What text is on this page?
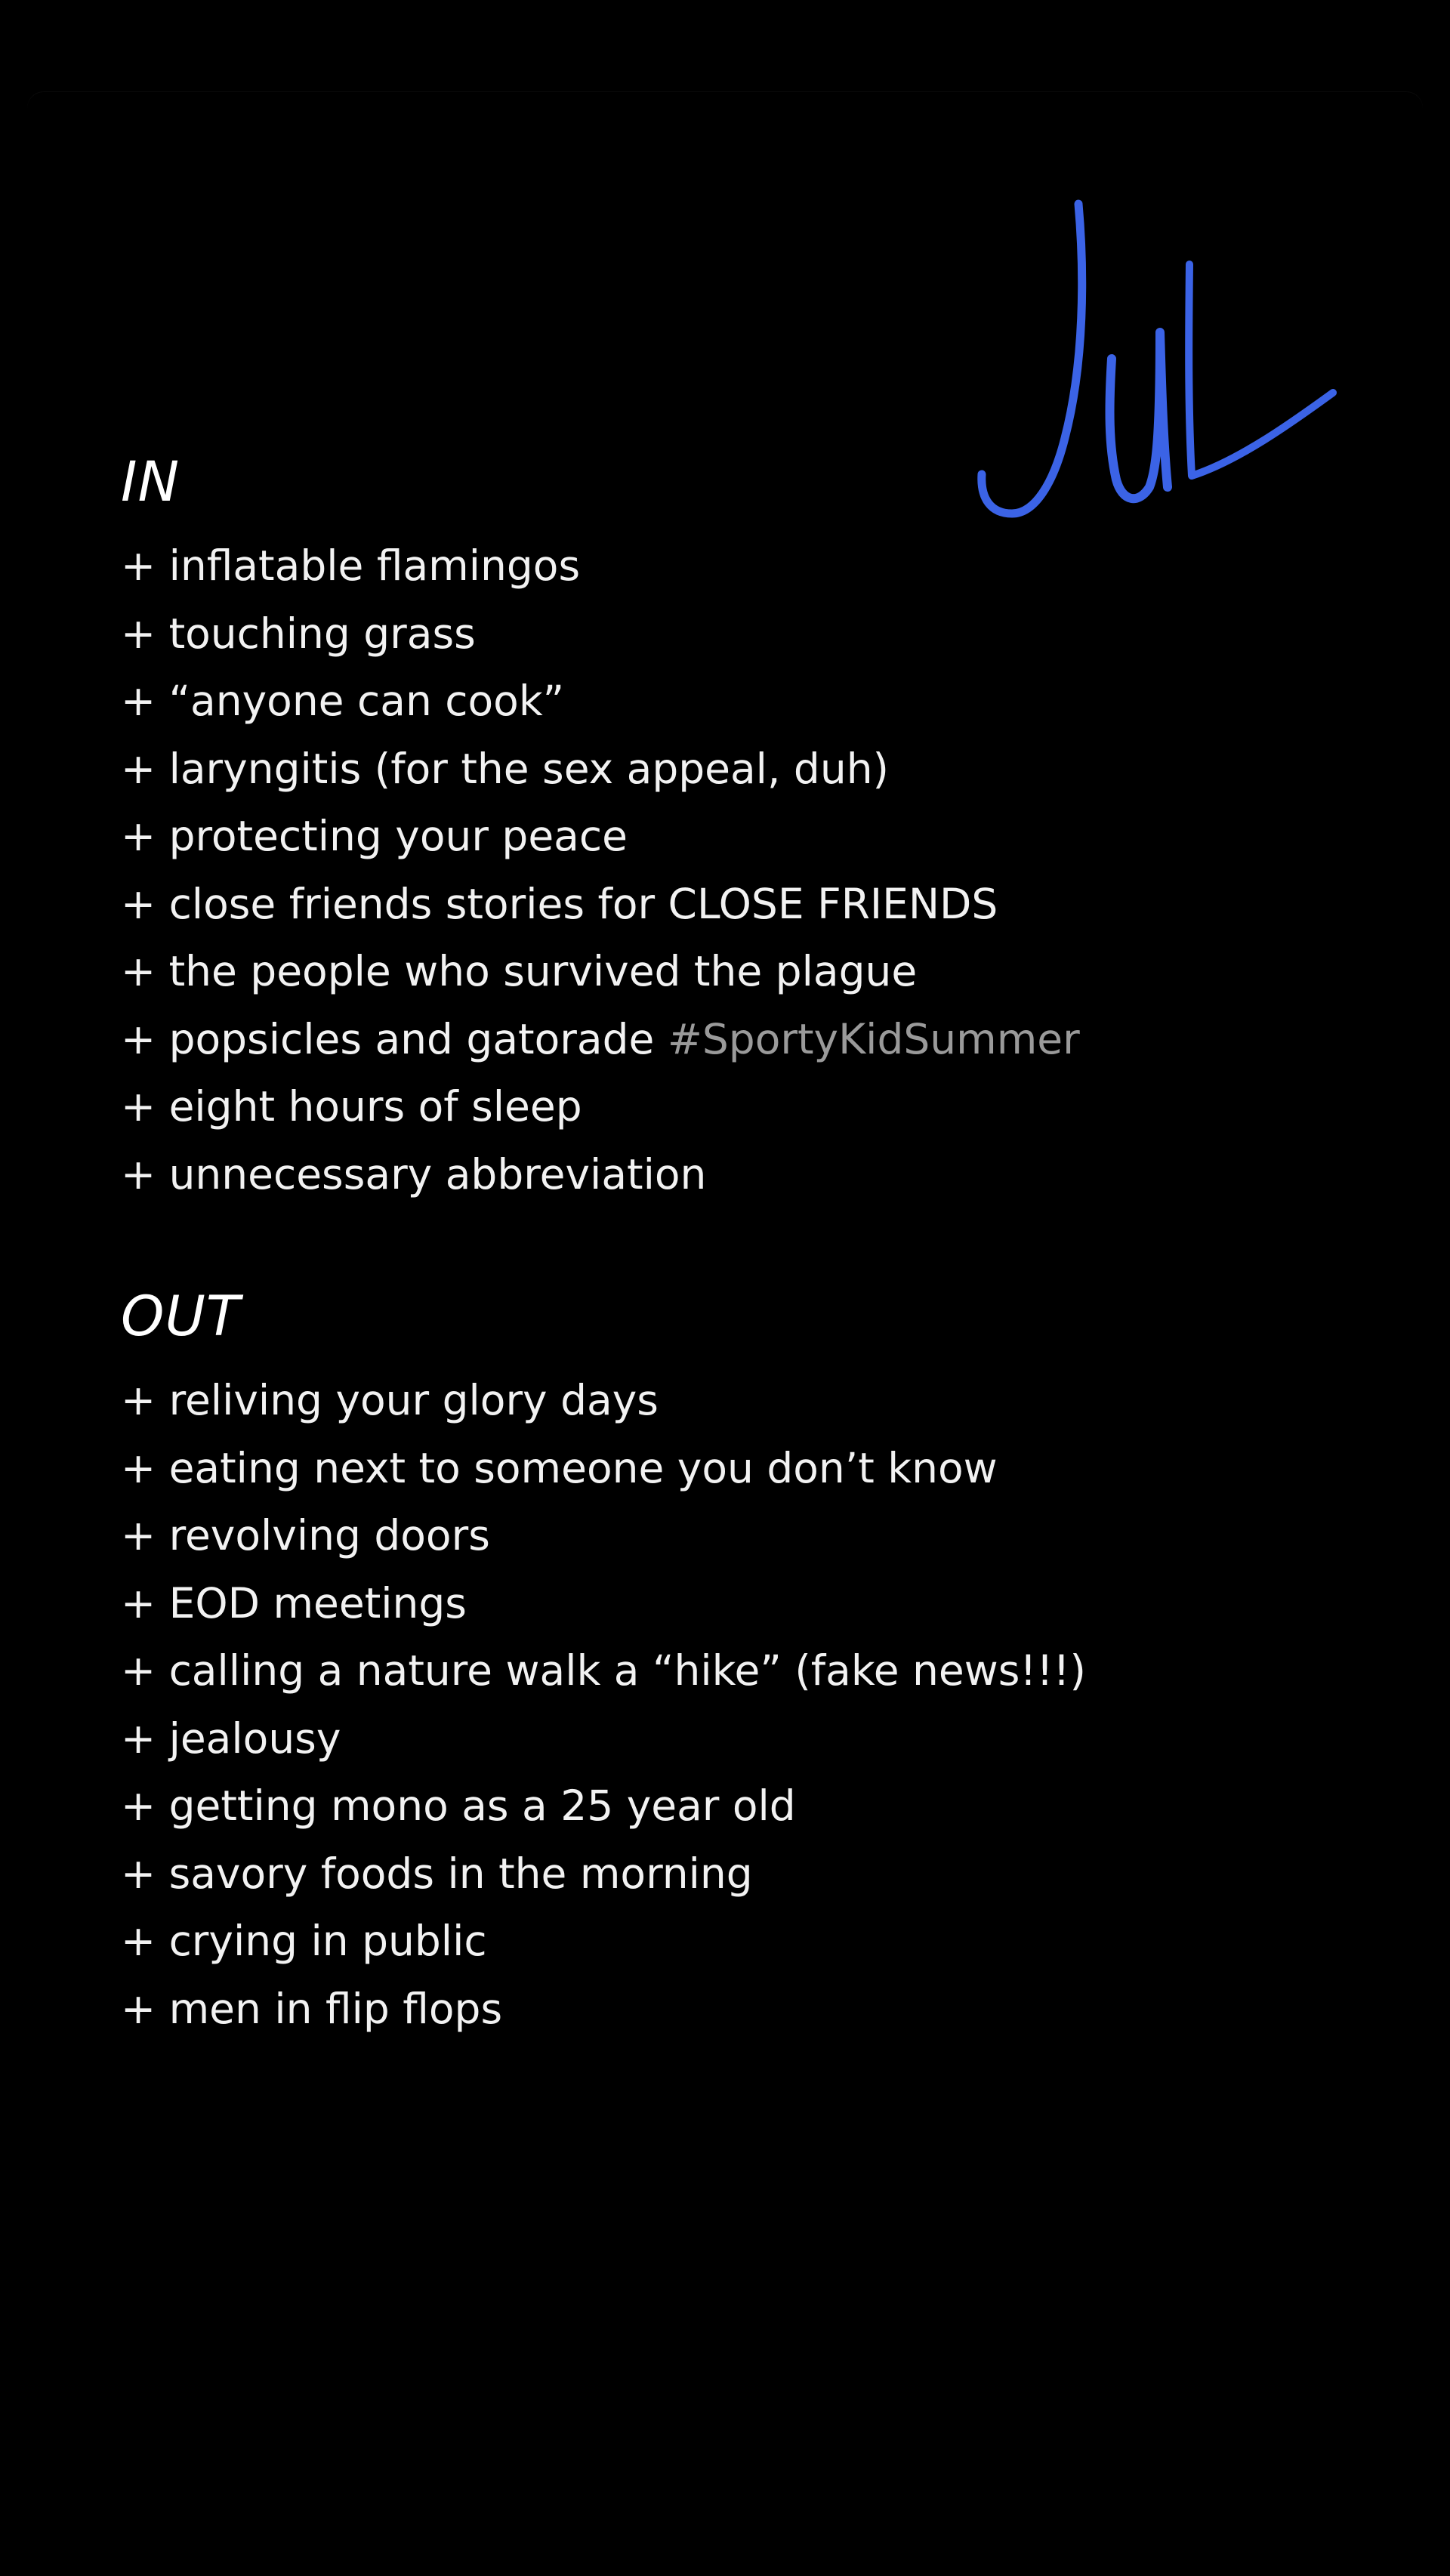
IN
+ inflatable flamingos
+ touching grass
+ “anyone can cook”
+ laryngitis (for the sex appeal, duh)
+ protecting your peace
+ close friends stories for CLOSE FRIENDS
+ the people who survived the plague
+ popsicles and gatorade #SportyKidSummer
+ eight hours of sleep
+ unnecessary abbreviation
OUT
+ reliving your glory days
+ eating next to someone you don’t know
+ revolving doors
+ EOD meetings
+ calling a nature walk a “hike” (fake news!!!)
+ jealousy
+ getting mono as a 25 year old
+ savory foods in the morning
+ crying in public
+ men in flip flops
